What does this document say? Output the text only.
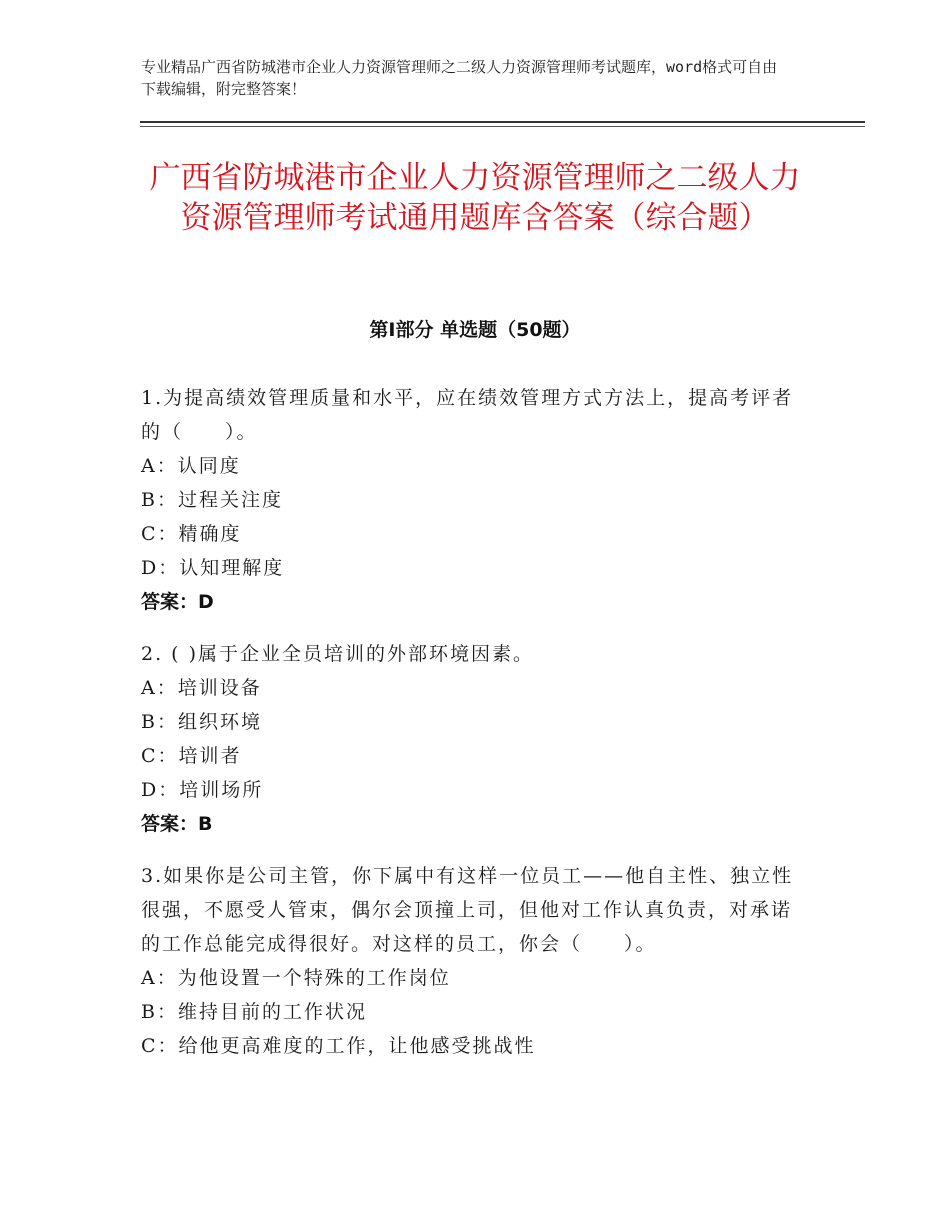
专业精品广西省防城港市企业人力资源管理师之二级人力资源管理师考试题库，word格式可自由下载编辑，附完整答案！
广西省防城港市企业人力资源管理师之二级人力资源管理师考试通用题库含答案（综合题）
第Ⅰ部分 单选题（50题）
1.为提高绩效管理质量和水平，应在绩效管理方式方法上，提高考评者的（　　）。
A：认同度
B：过程关注度
C：精确度
D：认知理解度
答案：D
2. ( )属于企业全员培训的外部环境因素。
A：培训设备
B：组织环境
C：培训者
D：培训场所
答案：B
3.如果你是公司主管，你下属中有这样一位员工——他自主性、独立性很强，不愿受人管束，偶尔会顶撞上司，但他对工作认真负责，对承诺的工作总能完成得很好。对这样的员工，你会（　　）。
A：为他设置一个特殊的工作岗位
B：维持目前的工作状况
C：给他更高难度的工作，让他感受挑战性
